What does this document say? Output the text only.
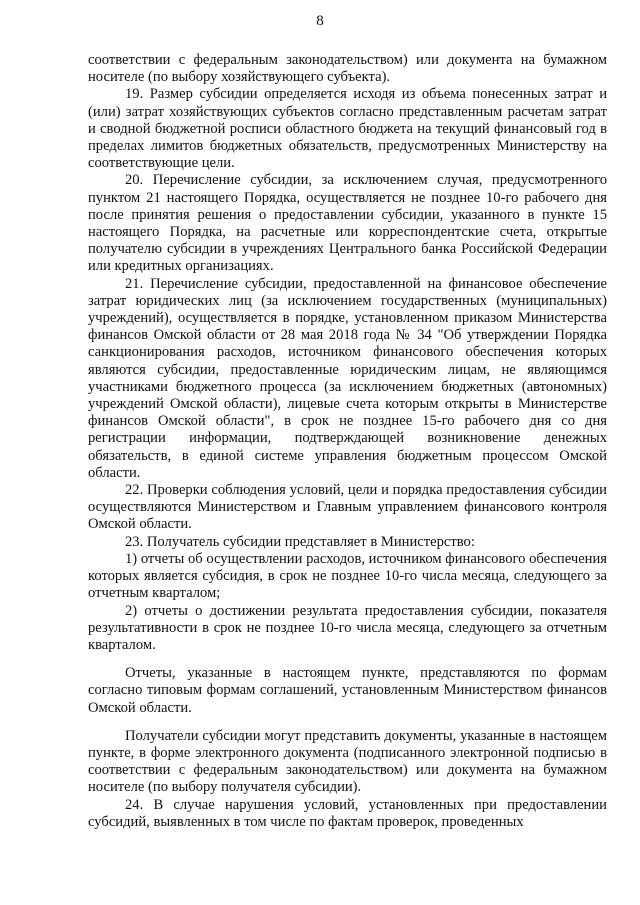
8

соответствии с федеральным законодательством) или документа на бумажном носителе (по выбору хозяйствующего субъекта).

19. Размер субсидии определяется исходя из объема понесенных затрат и (или) затрат хозяйствующих субъектов согласно представленным расчетам затрат и сводной бюджетной росписи областного бюджета на текущий финансовый год в пределах лимитов бюджетных обязательств, предусмотренных Министерству на соответствующие цели.

20. Перечисление субсидии, за исключением случая, предусмотренного пунктом 21 настоящего Порядка, осуществляется не позднее 10-го рабочего дня после принятия решения о предоставлении субсидии, указанного в пункте 15 настоящего Порядка, на расчетные или корреспондентские счета, открытые получателю субсидии в учреждениях Центрального банка Российской Федерации или кредитных организациях.

21. Перечисление субсидии, предоставленной на финансовое обеспечение затрат юридических лиц (за исключением государственных (муниципальных) учреждений), осуществляется в порядке, установленном приказом Министерства финансов Омской области от 28 мая 2018 года № 34 "Об утверждении Порядка санкционирования расходов, источником финансового обеспечения которых являются субсидии, предоставленные юридическим лицам, не являющимся участниками бюджетного процесса (за исключением бюджетных (автономных) учреждений Омской области), лицевые счета которым открыты в Министерстве финансов Омской области", в срок не позднее 15-го рабочего дня со дня регистрации информации, подтверждающей возникновение денежных обязательств, в единой системе управления бюджетным процессом Омской области.

22. Проверки соблюдения условий, цели и порядка предоставления субсидии осуществляются Министерством и Главным управлением финансового контроля Омской области.

23. Получатель субсидии представляет в Министерство:

1) отчеты об осуществлении расходов, источником финансового обеспечения которых является субсидия, в срок не позднее 10-го числа месяца, следующего за отчетным кварталом;

2) отчеты о достижении результата предоставления субсидии, показателя результативности в срок не позднее 10-го числа месяца, следующего за отчетным кварталом.

Отчеты, указанные в настоящем пункте, представляются по формам согласно типовым формам соглашений, установленным Министерством финансов Омской области.

Получатели субсидии могут представить документы, указанные в настоящем пункте, в форме электронного документа (подписанного электронной подписью в соответствии с федеральным законодательством) или документа на бумажном носителе (по выбору получателя субсидии).

24. В случае нарушения условий, установленных при предоставлении субсидий, выявленных в том числе по фактам проверок, проведенных
